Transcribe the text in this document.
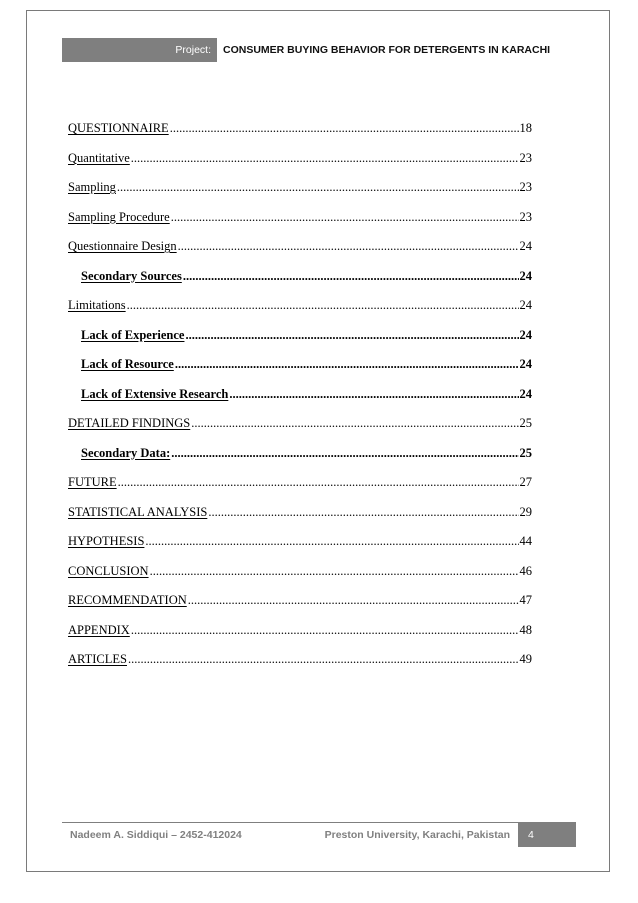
Project:	CONSUMER BUYING BEHAVIOR FOR DETERGENTS IN KARACHI
QUESTIONNAIRE .....	18
Quantitative .....	23
Sampling .....	23
Sampling Procedure .....	23
Questionnaire Design .....	24
Secondary Sources .....	24
Limitations .....	24
Lack of Experience .....	24
Lack of Resource .....	24
Lack of Extensive Research .....	24
DETAILED FINDINGS .....	25
Secondary Data: .....	25
FUTURE .....	27
STATISTICAL ANALYSIS .....	29
HYPOTHESIS .....	44
CONCLUSION .....	46
RECOMMENDATION .....	47
APPENDIX .....	48
ARTICLES .....	49
Nadeem A. Siddiqui – 2452-412024	Preston University, Karachi, Pakistan	4
